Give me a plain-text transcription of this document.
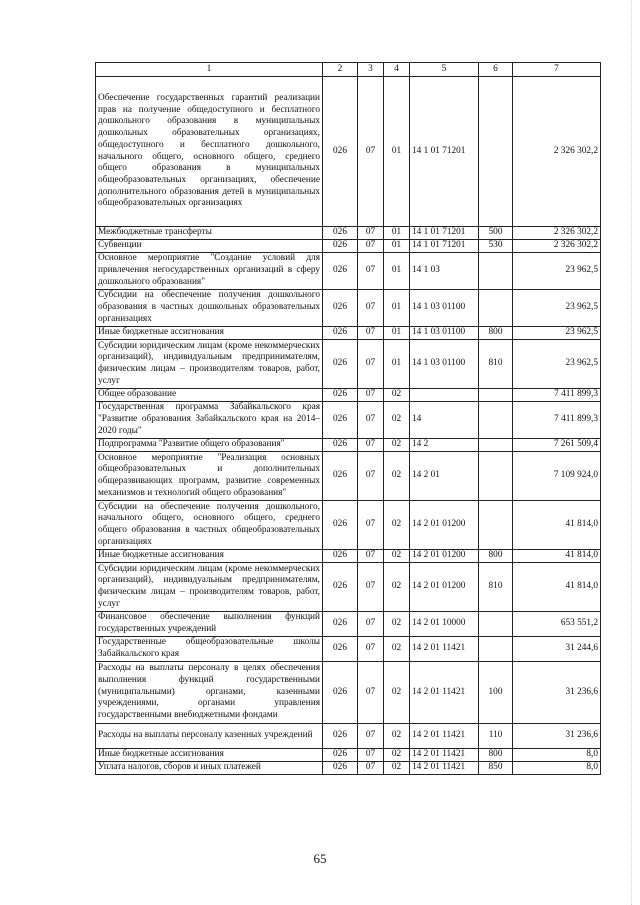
1	2	3	4	5	6	7
Обеспечение государственных гарантий реализации прав на получение общедоступного и бесплатного дошкольного образования в муниципальных дошкольных образовательных организациях, общедоступного и бесплатного дошкольного, начального общего, основного общего, среднего общего образования в муниципальных общеобразовательных организациях, обеспечение дополнительного образования детей в муниципальных общеобразовательных организациях	026	07	01	14 1 01 71201		2 326 302,2
Межбюджетные трансферты	026	07	01	14 1 01 71201	500	2 326 302,2
Субвенции	026	07	01	14 1 01 71201	530	2 326 302,2
Основное мероприятие "Создание условий для привлечения негосударственных организаций в сферу дошкольного образования"	026	07	01	14 1 03		23 962,5
Субсидии на обеспечение получения дошкольного образования в частных дошкольных образовательных организациях	026	07	01	14 1 03 01100		23 962,5
Иные бюджетные ассигнования	026	07	01	14 1 03 01100	800	23 962,5
Субсидии юридическим лицам (кроме некоммерческих организаций), индивидуальным предпринимателям, физическим лицам – производителям товаров, работ, услуг	026	07	01	14 1 03 01100	810	23 962,5
Общее образование	026	07	02			7 411 899,3
Государственная программа Забайкальского края "Развитие образования Забайкальского края на 2014–2020 годы"	026	07	02	14		7 411 899,3
Подпрограмма "Развитие общего образования"	026	07	02	14 2		7 261 509,4
Основное мероприятие "Реализация основных общеобразовательных и дополнительных общеразвивающих программ, развитие современных механизмов и технологий общего образования"	026	07	02	14 2 01		7 109 924,0
Субсидии на обеспечение получения дошкольного, начального общего, основного общего, среднего общего образования в частных общеобразовательных организациях	026	07	02	14 2 01 01200		41 814,0
Иные бюджетные ассигнования	026	07	02	14 2 01 01200	800	41 814,0
Субсидии юридическим лицам (кроме некоммерческих организаций), индивидуальным предпринимателям, физическим лицам – производителям товаров, работ, услуг	026	07	02	14 2 01 01200	810	41 814,0
Финансовое обеспечение выполнения функций государственных учреждений	026	07	02	14 2 01 10000		653 551,2
Государственные общеобразовательные школы Забайкальского края	026	07	02	14 2 01 11421		31 244,6
Расходы на выплаты персоналу в целях обеспечения выполнения функций государственными (муниципальными) органами, казенными учреждениями, органами управления государственными внебюджетными фондами	026	07	02	14 2 01 11421	100	31 236,6
Расходы на выплаты персоналу казенных учреждений	026	07	02	14 2 01 11421	110	31 236,6
Иные бюджетные ассигнования	026	07	02	14 2 01 11421	800	8,0
Уплата налогов, сборов и иных платежей	026	07	02	14 2 01 11421	850	8,0
65
